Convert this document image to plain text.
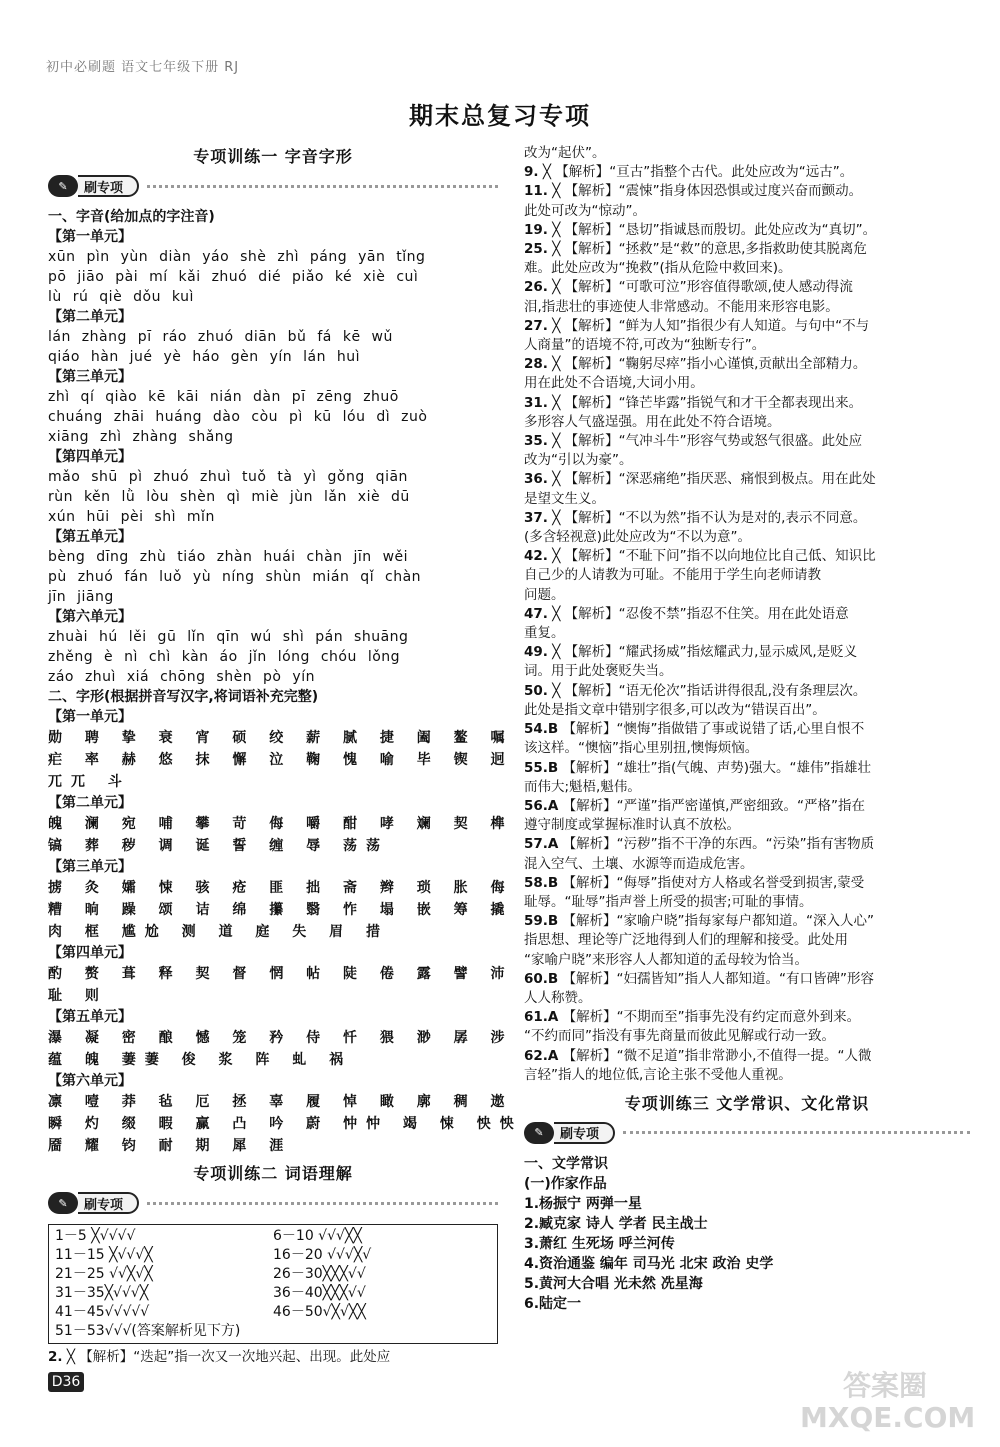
初中必刷题 语文七年级下册 RJ
期末总复习专项
专项训练一 字音字形
✎	刷专项
一、字音(给加点的字注音)
【第一单元】
xūn pìn yùn diàn yáo shè zhì páng yān tǐng
pō jiāo pài mí kǎi zhuó dié piǎo ké xiè cuì
lù rú qiè dǒu kuì
【第二单元】
lán zhàng pī ráo zhuó diān bǔ fá kē wǔ
qiáo hàn jué yè háo gèn yín lán huì
【第三单元】
zhì qí qiào kē kāi nián dàn pī zēng zhuō
chuáng zhāi huáng dào còu pì kū lóu dì zuò
xiāng zhì zhàng shǎng
【第四单元】
mǎo shū pì zhuó zhuì tuǒ tà yì gǒng qiān
rùn kěn lǜ lòu shèn qì miè jùn lǎn xiè dū
xún hūi pèi shì mǐn
【第五单元】
bèng dīng zhù tiáo zhàn huái chàn jīn wěi
pù zhuó fán luǒ yù níng shùn mián qǐ chàn
jīn jiāng
【第六单元】
zhuài hú lěi gū lǐn qīn wú shì pán shuāng
zhěng è nì chì kàn áo jǐn lóng chóu lǒng
záo zhuì xiá chōng shèn pò yín
二、字形(根据拼音写汉字,将词语补充完整)
【第一单元】
勋 聘 挚 衰 宵 硕 绞 薪 腻 捷 阖 鳌 嘱
疟 率 赫 悠 抹 懈 泣 鞠 愧 喻 毕 锲 迥
兀兀 斗
【第二单元】
魄 澜 宛 哺 攀 苛 侮 嚼 酣 哮 斓 契 榫
镐 葬 秽 调 诞 誓 缠 辱 荡荡
【第三单元】
掳 灸 孀 悚 骇 疮 匪 拙 斋 辫 琐 胀 侮
糟 晌 躁 颂 诘 绵 攥 翳 怍 塌 嵌 筹 撬
肉 框 尴尬 测 道 庭 失 眉 措
【第四单元】
酌 赘 葺 释 契 督 惘 帖 陡 倦 露 譬 沛
耻 则
【第五单元】
瀑 凝 密 酿 憾 笼 矜 侍 忏 猥 渺 孱 涉
蕴 魄 萋萋 俊 浆 阵 虬 祸
【第六单元】
凛 噎 莽 毡 厄 拯 辜 履 悼 瞰 廓 稠 遨
瞬 灼 缀 暇 赢 凸 吟 蔚 忡忡 竭 悚 怏怏
靥 耀 钧 耐 期 犀 涯
专项训练二 词语理解
✎	刷专项
1－5 ╳√√√√	6－10 √√√╳╳
11－15 ╳√√√╳	16－20 √√√╳√
21－25 √√╳√╳	26－30╳╳╳√√
31－35╳√√√╳	36－40╳╳╳√√
41－45√√√√√	46－50√╳√╳╳
51－53√√√(答案解析见下方)
2. ╳ 【解析】“迭起”指一次又一次地兴起、出现。此处应
改为“起伏”。
9. ╳ 【解析】“亘古”指整个古代。此处应改为“远古”。
11. ╳ 【解析】“震悚”指身体因恐惧或过度兴奋而颤动。
此处可改为“惊动”。
19. ╳ 【解析】“恳切”指诚恳而殷切。此处应改为“真切”。
25. ╳ 【解析】“拯救”是“救”的意思,多指救助使其脱离危
难。此处应改为“挽救”(指从危险中救回来)。
26. ╳ 【解析】“可歌可泣”形容值得歌颂,使人感动得流
泪,指悲壮的事迹使人非常感动。不能用来形容电影。
27. ╳ 【解析】“鲜为人知”指很少有人知道。与句中“不与
人商量”的语境不符,可改为“独断专行”。
28. ╳ 【解析】“鞠躬尽瘁”指小心谨慎,贡献出全部精力。
用在此处不合语境,大词小用。
31. ╳ 【解析】“锋芒毕露”指锐气和才干全都表现出来。
多形容人气盛逞强。用在此处不符合语境。
35. ╳ 【解析】“气冲斗牛”形容气势或怒气很盛。此处应
改为“引以为豪”。
36. ╳ 【解析】“深恶痛绝”指厌恶、痛恨到极点。用在此处
是望文生义。
37. ╳ 【解析】“不以为然”指不认为是对的,表示不同意。
(多含轻视意)此处应改为“不以为意”。
42. ╳ 【解析】“不耻下问”指不以向地位比自己低、知识比
自己少的人请教为可耻。不能用于学生向老师请教
问题。
47. ╳ 【解析】“忍俊不禁”指忍不住笑。用在此处语意
重复。
49. ╳ 【解析】“耀武扬威”指炫耀武力,显示威风,是贬义
词。用于此处褒贬失当。
50. ╳ 【解析】“语无伦次”指话讲得很乱,没有条理层次。
此处是指文章中错别字很多,可以改为“错误百出”。
54.B 【解析】“懊悔”指做错了事或说错了话,心里自恨不
该这样。“懊恼”指心里别扭,懊悔烦恼。
55.B 【解析】“雄壮”指(气魄、声势)强大。“雄伟”指雄壮
而伟大;魁梧,魁伟。
56.A 【解析】“严谨”指严密谨慎,严密细致。“严格”指在
遵守制度或掌握标准时认真不放松。
57.A 【解析】“污秽”指不干净的东西。“污染”指有害物质
混入空气、土壤、水源等而造成危害。
58.B 【解析】“侮辱”指使对方人格或名誉受到损害,蒙受
耻辱。“耻辱”指声誉上所受的损害;可耻的事情。
59.B 【解析】“家喻户晓”指每家每户都知道。“深入人心”
指思想、理论等广泛地得到人们的理解和接受。此处用
“家喻户晓”来形容人人都知道的孟母较为恰当。
60.B 【解析】“妇孺皆知”指人人都知道。“有口皆碑”形容
人人称赞。
61.A 【解析】“不期而至”指事先没有约定而意外到来。
“不约而同”指没有事先商量而彼此见解或行动一致。
62.A 【解析】“微不足道”指非常渺小,不值得一提。“人微
言轻”指人的地位低,言论主张不受他人重视。
专项训练三 文学常识、文化常识
✎	刷专项
一、文学常识
(一)作家作品
1.杨振宁 两弹一星
2.臧克家 诗人 学者 民主战士
3.萧红 生死场 呼兰河传
4.资治通鉴 编年 司马光 北宋 政治 史学
5.黄河大合唱 光未然 冼星海
6.陆定一
D36	答案圈 MXQE.COM
